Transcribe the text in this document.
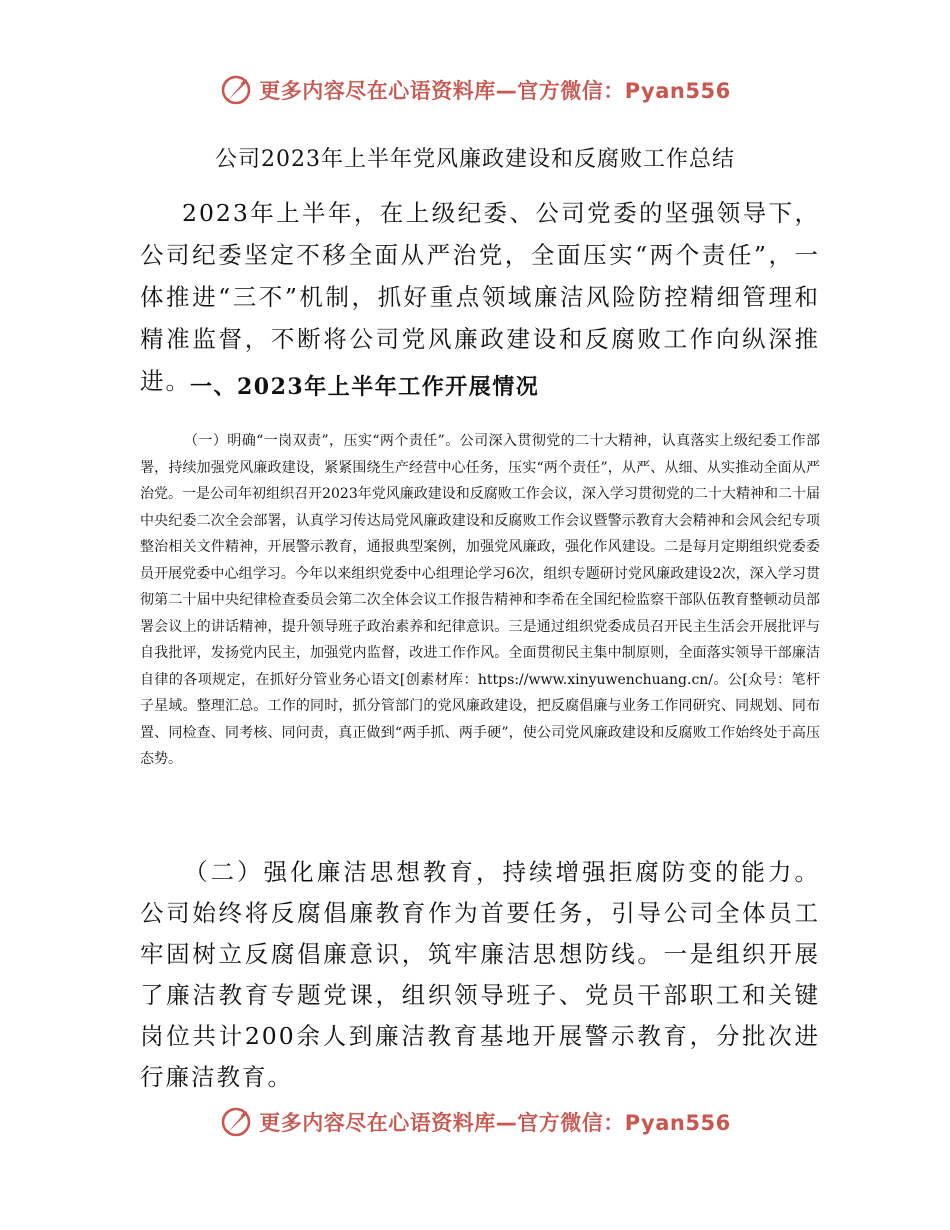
更多内容尽在心语资料库—官方微信：Pyan556
公司2023年上半年党风廉政建设和反腐败工作总结

2023年上半年，在上级纪委、公司党委的坚强领导下，公司纪委坚定不移全面从严治党，全面压实“两个责任”，一体推进“三不”机制，抓好重点领域廉洁风险防控精细管理和精准监督，不断将公司党风廉政建设和反腐败工作向纵深推进。 一、2023年上半年工作开展情况

（一）明确“一岗双责”，压实“两个责任”。公司深入贯彻党的二十大精神，认真落实上级纪委工作部署，持续加强党风廉政建设，紧紧围绕生产经营中心任务，压实“两个责任”，从严、从细、从实推动全面从严治党。一是公司年初组织召开2023年党风廉政建设和反腐败工作会议，深入学习贯彻党的二十大精神和二十届中央纪委二次全会部署，认真学习传达局党风廉政建设和反腐败工作会议暨警示教育大会精神和会风会纪专项整治相关文件精神，开展警示教育，通报典型案例，加强党风廉政，强化作风建设。二是每月定期组织党委委员开展党委中心组学习。今年以来组织党委中心组理论学习6次，组织专题研讨党风廉政建设2次，深入学习贯彻第二十届中央纪律检查委员会第二次全体会议工作报告精神和李希在全国纪检监察干部队伍教育整顿动员部署会议上的讲话精神，提升领导班子政治素养和纪律意识。三是通过组织党委成员召开民主生活会开展批评与自我批评，发扬党内民主，加强党内监督，改进工作作风。全面贯彻民主集中制原则，全面落实领导干部廉洁自律的各项规定，在抓好分管业务心语文[创素材库：https://www.xinyuwenchuang.cn/。公[众号：笔杆子星域。整理汇总。工作的同时，抓分管部门的党风廉政建设，把反腐倡廉与业务工作同研究、同规划、同布置、同检查、同考核、同问责，真正做到“两手抓、两手硬”，使公司党风廉政建设和反腐败工作始终处于高压态势。

（二）强化廉洁思想教育，持续增强拒腐防变的能力。公司始终将反腐倡廉教育作为首要任务，引导公司全体员工牢固树立反腐倡廉意识，筑牢廉洁思想防线。一是组织开展了廉洁教育专题党课，组织领导班子、党员干部职工和关键岗位共计200余人到廉洁教育基地开展警示教育，分批次进行廉洁教育。

更多内容尽在心语资料库—官方微信：Pyan556
